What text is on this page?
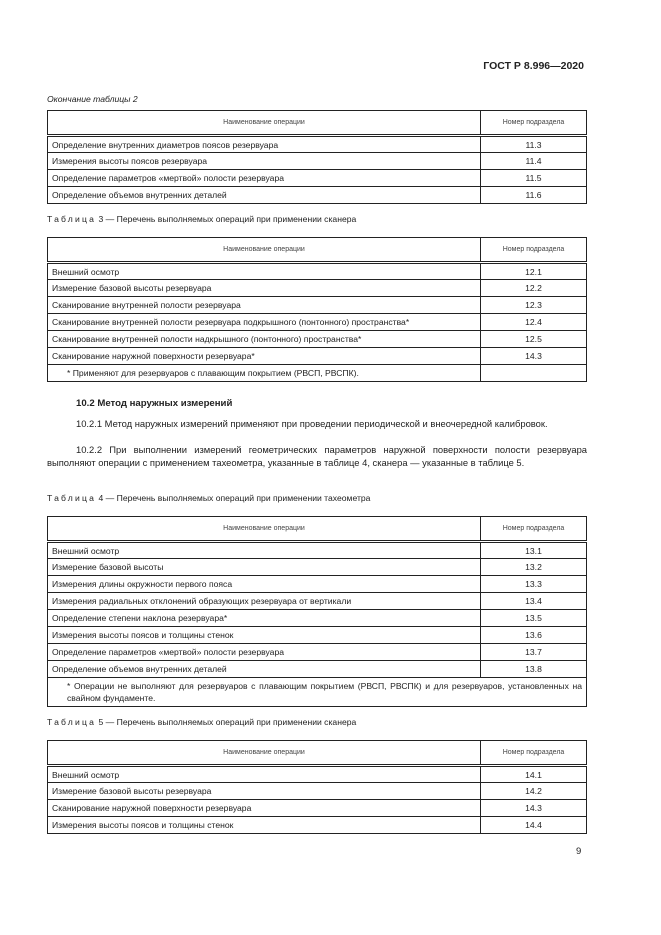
ГОСТ Р 8.996—2020
Окончание таблицы 2
Наименование операции	Номер подраздела
Определение внутренних диаметров поясов резервуара	11.3
Измерения высоты поясов резервуара	11.4
Определение параметров «мертвой» полости резервуара	11.5
Определение объемов внутренних деталей	11.6
Таблица 3 — Перечень выполняемых операций при применении сканера
Наименование операции	Номер подраздела
Внешний осмотр	12.1
Измерение базовой высоты резервуара	12.2
Сканирование внутренней полости резервуара	12.3
Сканирование внутренней полости резервуара подкрышного (понтонного) пространства*	12.4
Сканирование внутренней полости надкрышного (понтонного) пространства*	12.5
Сканирование наружной поверхности резервуара*	14.3
* Применяют для резервуаров с плавающим покрытием (РВСП, РВСПК).	
10.2 Метод наружных измерений
10.2.1 Метод наружных измерений применяют при проведении периодической и внеочередной калибровок.
10.2.2 При выполнении измерений геометрических параметров наружной поверхности полости резервуара выполняют операции с применением тахеометра, указанные в таблице 4, сканера — указанные в таблице 5.
Таблица 4 — Перечень выполняемых операций при применении тахеометра
Наименование операции	Номер подраздела
Внешний осмотр	13.1
Измерение базовой высоты	13.2
Измерения длины окружности первого пояса	13.3
Измерения радиальных отклонений образующих резервуара от вертикали	13.4
Определение степени наклона резервуара*	13.5
Измерения высоты поясов и толщины стенок	13.6
Определение параметров «мертвой» полости резервуара	13.7
Определение объемов внутренних деталей	13.8
* Операции не выполняют для резервуаров с плавающим покрытием (РВСП, РВСПК) и для резервуаров, установленных на свайном фундаменте.	
Таблица 5 — Перечень выполняемых операций при применении сканера
Наименование операции	Номер подраздела
Внешний осмотр	14.1
Измерение базовой высоты резервуара	14.2
Сканирование наружной поверхности резервуара	14.3
Измерения высоты поясов и толщины стенок	14.4
9
